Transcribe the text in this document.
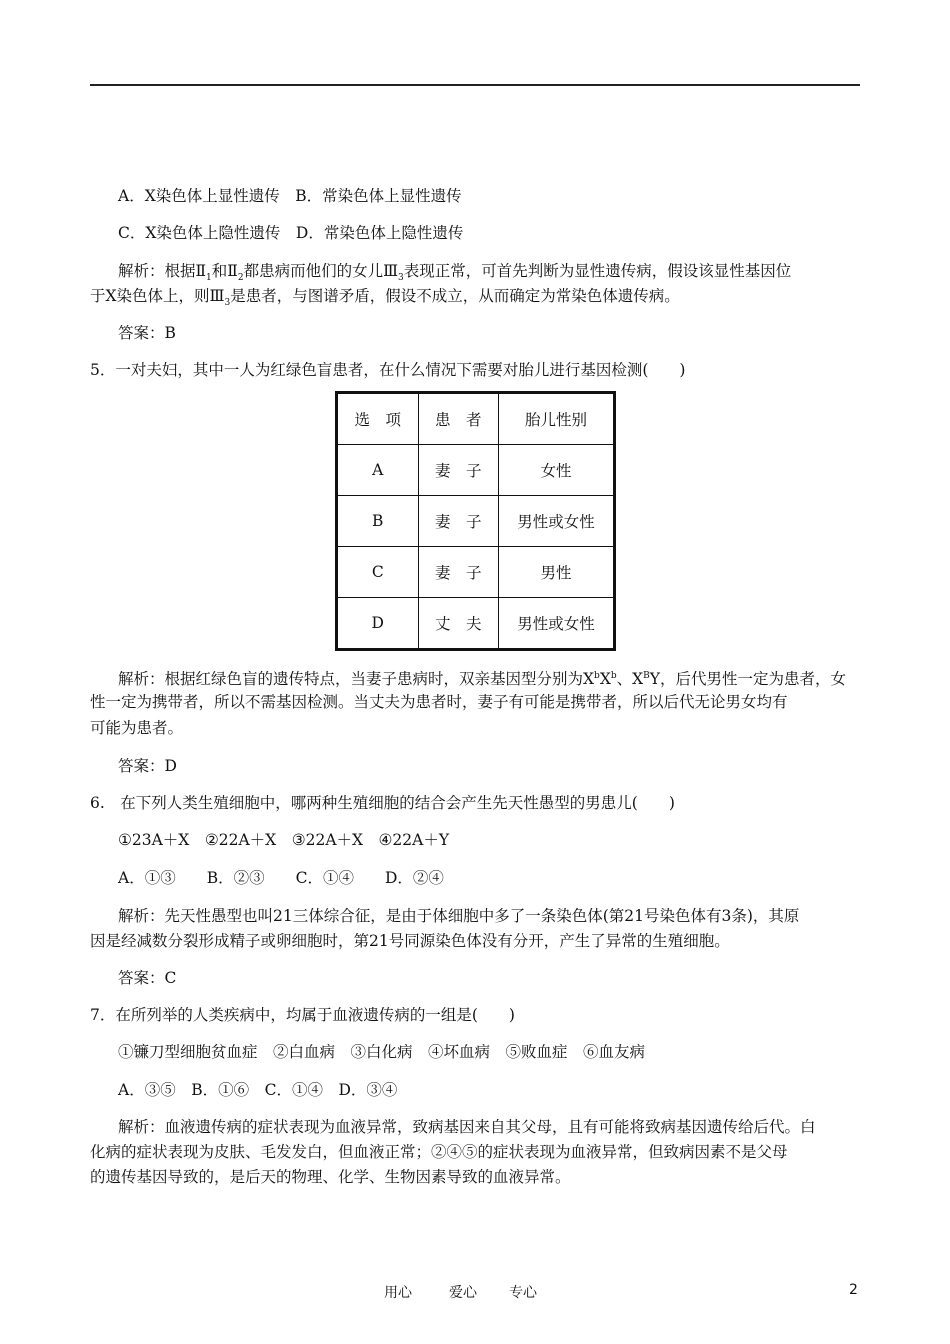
A．X染色体上显性遗传　B．常染色体上显性遗传
C．X染色体上隐性遗传　D．常染色体上隐性遗传
解析：根据$Ⅱ_1$和$Ⅱ_2$都患病而他们的女儿$Ⅲ_3$表现正常，可首先判断为显性遗传病，假设该显性基因位
于X染色体上，则$Ⅲ_3$是患者，与图谱矛盾，假设不成立，从而确定为常染色体遗传病。
答案：B
5．一对夫妇，其中一人为红绿色盲患者，在什么情况下需要对胎儿进行基因检测(　　)
选　项	患　者	胎儿性别
A	妻　子	女性
B	妻　子	男性或女性
C	妻　子	男性
D	丈　夫	男性或女性
解析：根据红绿色盲的遗传特点，当妻子患病时，双亲基因型分别为$X^bX^b$、$X^BY$，后代男性一定为患者，女
性一定为携带者，所以不需基因检测。当丈夫为患者时，妻子有可能是携带者，所以后代无论男女均有
可能为患者。
答案：D
6.　在下列人类生殖细胞中，哪两种生殖细胞的结合会产生先天性愚型的男患儿(　　)
①23A＋X　②22A＋X　③22A＋X　④22A＋Y
A．①③　　B．②③　　C．①④　　D．②④
解析：先天性愚型也叫21三体综合征，是由于体细胞中多了一条染色体(第21号染色体有3条)，其原
因是经减数分裂形成精子或卵细胞时，第21号同源染色体没有分开，产生了异常的生殖细胞。
答案：C
7．在所列举的人类疾病中，均属于血液遗传病的一组是(　　)
①镰刀型细胞贫血症　②白血病　③白化病　④坏血病　⑤败血症　⑥血友病
A．③⑤　B．①⑥　C．①④　D．③④
解析：血液遗传病的症状表现为血液异常，致病基因来自其父母，且有可能将致病基因遗传给后代。白
化病的症状表现为皮肤、毛发发白，但血液正常；②④⑤的症状表现为血液异常，但致病因素不是父母
的遗传基因导致的，是后天的物理、化学、生物因素导致的血液异常。
用心	爱心 专心	2
